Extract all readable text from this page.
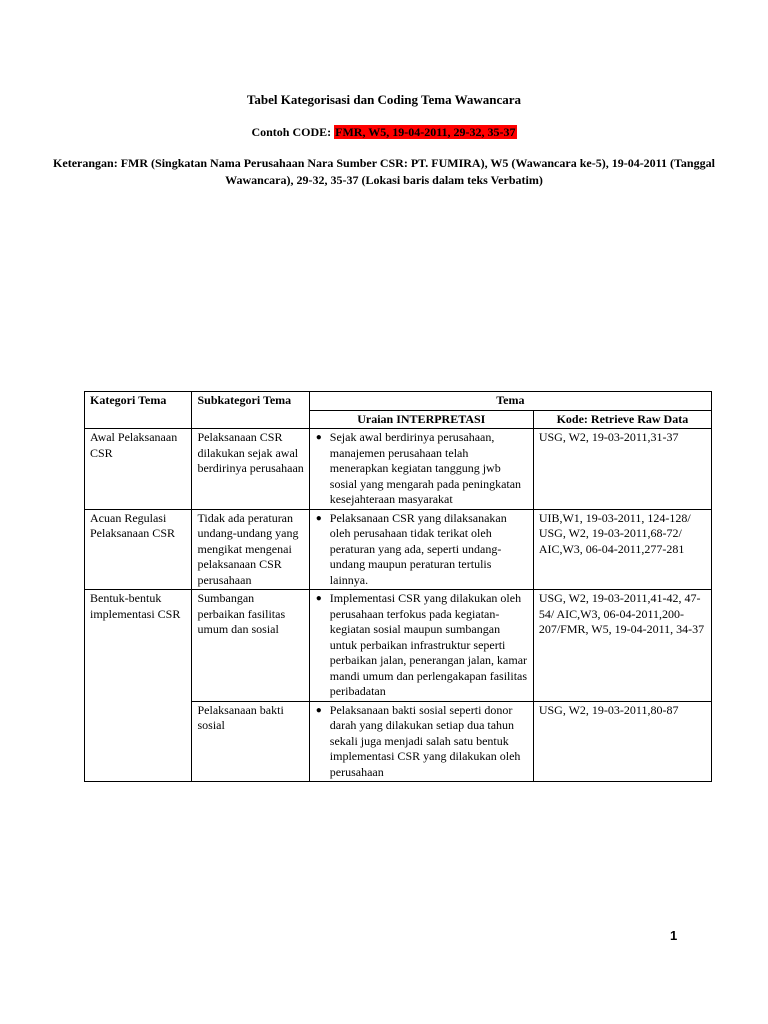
Tabel Kategorisasi dan Coding Tema Wawancara
Contoh CODE: FMR, W5, 19-04-2011, 29-32, 35-37
Keterangan: FMR (Singkatan Nama Perusahaan Nara Sumber CSR: PT. FUMIRA), W5 (Wawancara ke-5), 19-04-2011 (Tanggal Wawancara), 29-32, 35-37 (Lokasi baris dalam teks Verbatim)
Kategori Tema	Subkategori Tema	Tema	
		Uraian INTERPRETASI	Kode: Retrieve Raw Data
Awal Pelaksanaan CSR	Pelaksanaan CSR dilakukan sejak awal berdirinya perusahaan	● Sejak awal berdirinya perusahaan, manajemen perusahaan telah menerapkan kegiatan tanggung jwb sosial yang mengarah pada peningkatan kesejahteraan masyarakat	USG, W2, 19-03-2011,31-37
Acuan Regulasi Pelaksanaan CSR	Tidak ada peraturan undang-undang yang mengikat mengenai pelaksanaan CSR perusahaan	● Pelaksanaan CSR yang dilaksanakan oleh perusahaan tidak terikat oleh peraturan yang ada, seperti undang-undang maupun peraturan tertulis lainnya.	UIB,W1, 19-03-2011, 124-128/ USG, W2, 19-03-2011,68-72/ AIC,W3, 06-04-2011,277-281
Bentuk-bentuk implementasi CSR	Sumbangan perbaikan fasilitas umum dan sosial	● Implementasi CSR yang dilakukan oleh perusahaan terfokus pada kegiatan-kegiatan sosial maupun sumbangan untuk perbaikan infrastruktur seperti perbaikan jalan, penerangan jalan, kamar mandi umum dan perlengakapan fasilitas peribadatan	USG, W2, 19-03-2011,41-42, 47-54/ AIC,W3, 06-04-2011,200-207/FMR, W5, 19-04-2011, 34-37
	Pelaksanaan bakti sosial	● Pelaksanaan bakti sosial seperti donor darah yang dilakukan setiap dua tahun sekali juga menjadi salah satu bentuk implementasi CSR yang dilakukan oleh perusahaan	USG, W2, 19-03-2011,80-87
1
